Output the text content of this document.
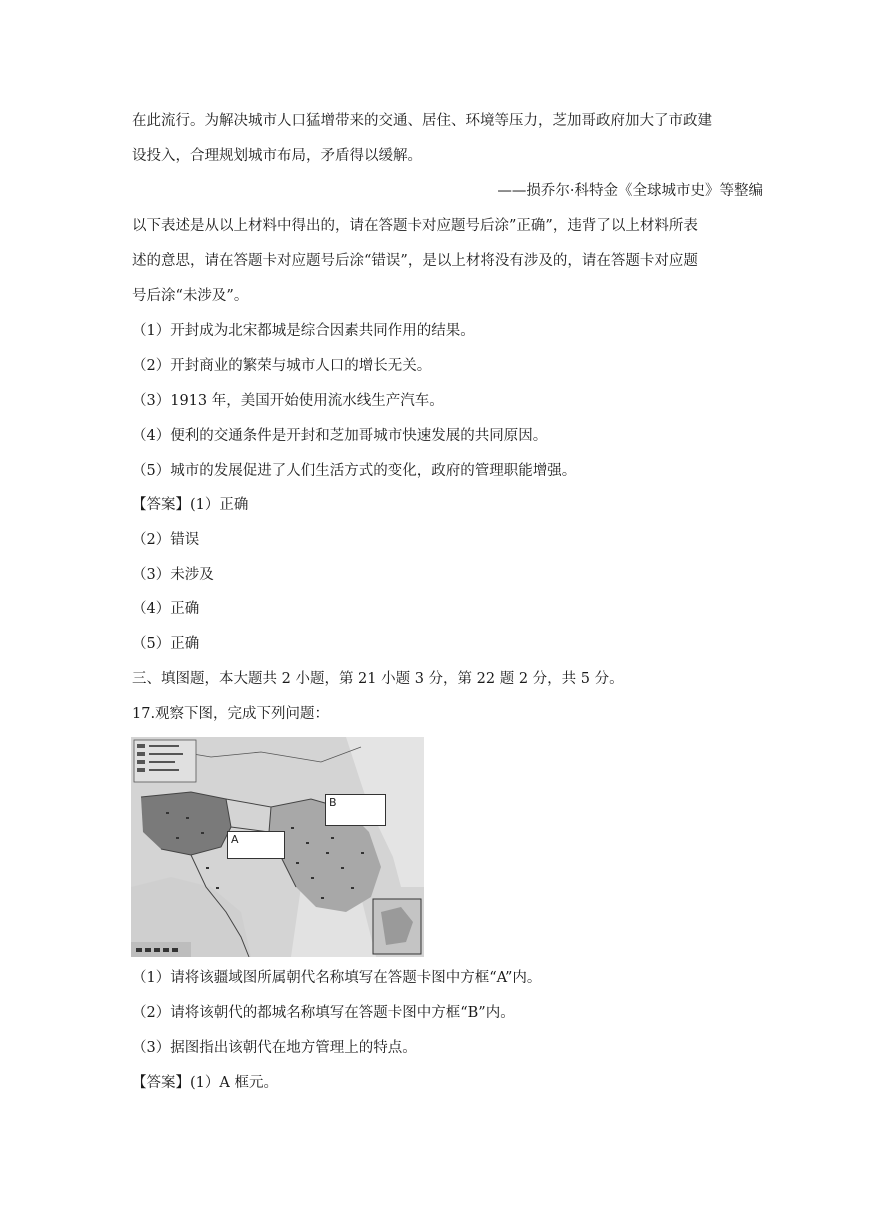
在此流行。为解决城市人口猛增带来的交通、居住、环境等压力，芝加哥政府加大了市政建
设投入，合理规划城市布局，矛盾得以缓解。
——损乔尔·科特金《全球城市史》等整编
以下表述是从以上材料中得出的，请在答题卡对应题号后涂”正确”，违背了以上材料所表
述的意思，请在答题卡对应题号后涂“错误”，是以上材将没有涉及的，请在答题卡对应题
号后涂“未涉及”。
（1）开封成为北宋都城是综合因素共同作用的结果。
（2）开封商业的繁荣与城市人口的增长无关。
（3）1913 年，美国开始使用流水线生产汽车。
（4）便利的交通条件是开封和芝加哥城市快速发展的共同原因。
（5）城市的发展促进了人们生活方式的变化，政府的管理职能增强。
【答案】(1）正确
（2）错误
（3）未涉及
（4）正确
（5）正确
三、填图题，本大题共 2 小题，第 21 小题 3 分，第 22 题 2 分，共 5 分。
17.观察下图，完成下列问题：
A
B
（1）请将该疆域图所属朝代名称填写在答题卡图中方框“A”内。
（2）请将该朝代的都城名称填写在答题卡图中方框“B”内。
（3）据图指出该朝代在地方管理上的特点。
【答案】(1）A 框元。
